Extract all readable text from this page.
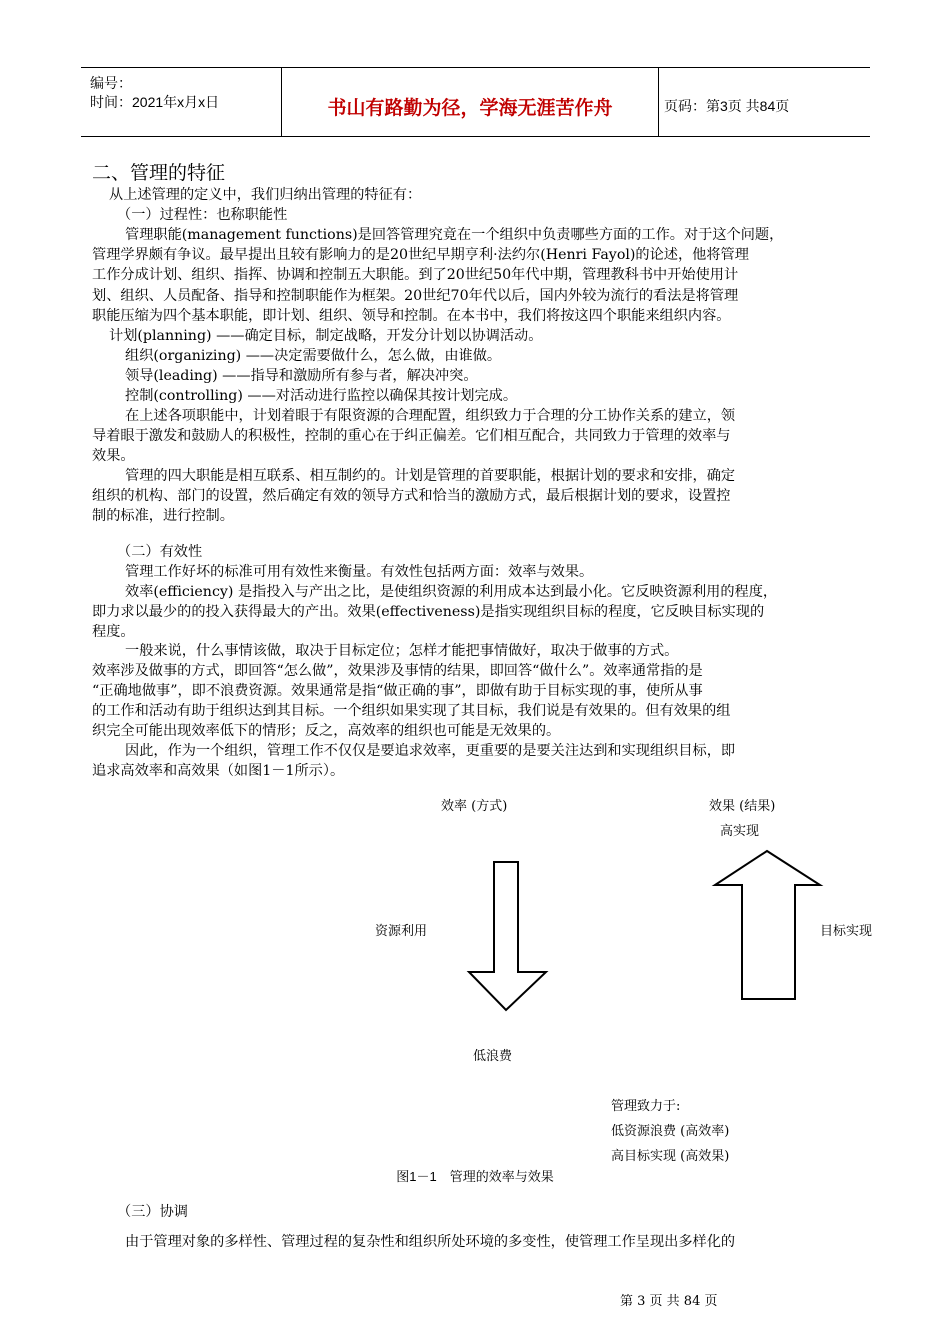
编号：
时间：2021年x月x日	书山有路勤为径，学海无涯苦作舟	页码：第3页 共84页
二、管理的特征
从上述管理的定义中，我们归纳出管理的特征有：
（一）过程性：也称职能性
管理职能(management functions)是回答管理究竟在一个组织中负责哪些方面的工作。对于这个问题，
管理学界颇有争议。最早提出且较有影响力的是20世纪早期亨利·法约尔(Henri Fayol)的论述，他将管理
工作分成计划、组织、指挥、协调和控制五大职能。到了20世纪50年代中期，管理教科书中开始使用计
划、组织、人员配备、指导和控制职能作为框架。20世纪70年代以后，国内外较为流行的看法是将管理
职能压缩为四个基本职能，即计划、组织、领导和控制。在本书中，我们将按这四个职能来组织内容。
计划(planning) ——确定目标，制定战略，开发分计划以协调活动。
组织(organizing) ——决定需要做什么，怎么做，由谁做。
领导(leading) ——指导和激励所有参与者，解决冲突。
控制(controlling) ——对活动进行监控以确保其按计划完成。
在上述各项职能中，计划着眼于有限资源的合理配置，组织致力于合理的分工协作关系的建立，领
导着眼于激发和鼓励人的积极性，控制的重心在于纠正偏差。它们相互配合，共同致力于管理的效率与
效果。
管理的四大职能是相互联系、相互制约的。计划是管理的首要职能，根据计划的要求和安排，确定
组织的机构、部门的设置，然后确定有效的领导方式和恰当的激励方式，最后根据计划的要求，设置控
制的标准，进行控制。
（二）有效性
管理工作好坏的标准可用有效性来衡量。有效性包括两方面：效率与效果。
效率(efficiency) 是指投入与产出之比，是使组织资源的利用成本达到最小化。它反映资源利用的程度，
即力求以最少的的投入获得最大的产出。效果(effectiveness)是指实现组织目标的程度，它反映目标实现的
程度。
一般来说，什么事情该做，取决于目标定位；怎样才能把事情做好，取决于做事的方式。
效率涉及做事的方式，即回答“怎么做”，效果涉及事情的结果，即回答“做什么”。效率通常指的是
“正确地做事”，即不浪费资源。效果通常是指“做正确的事”，即做有助于目标实现的事，使所从事
的工作和活动有助于组织达到其目标。一个组织如果实现了其目标，我们说是有效果的。但有效果的组
织完全可能出现效率低下的情形；反之，高效率的组织也可能是无效果的。
因此，作为一个组织，管理工作不仅仅是要追求效率，更重要的是要关注达到和实现组织目标，即
追求高效率和高效果（如图1－1所示）。
效率 (方式)	效果 (结果)
高实现
资源利用	目标实现
低浪费
管理致力于:
低资源浪费 (高效率)
高目标实现 (高效果)
图1－1　管理的效率与效果
（三）协调
由于管理对象的多样性、管理过程的复杂性和组织所处环境的多变性，使管理工作呈现出多样化的
第 3 页 共 84 页
